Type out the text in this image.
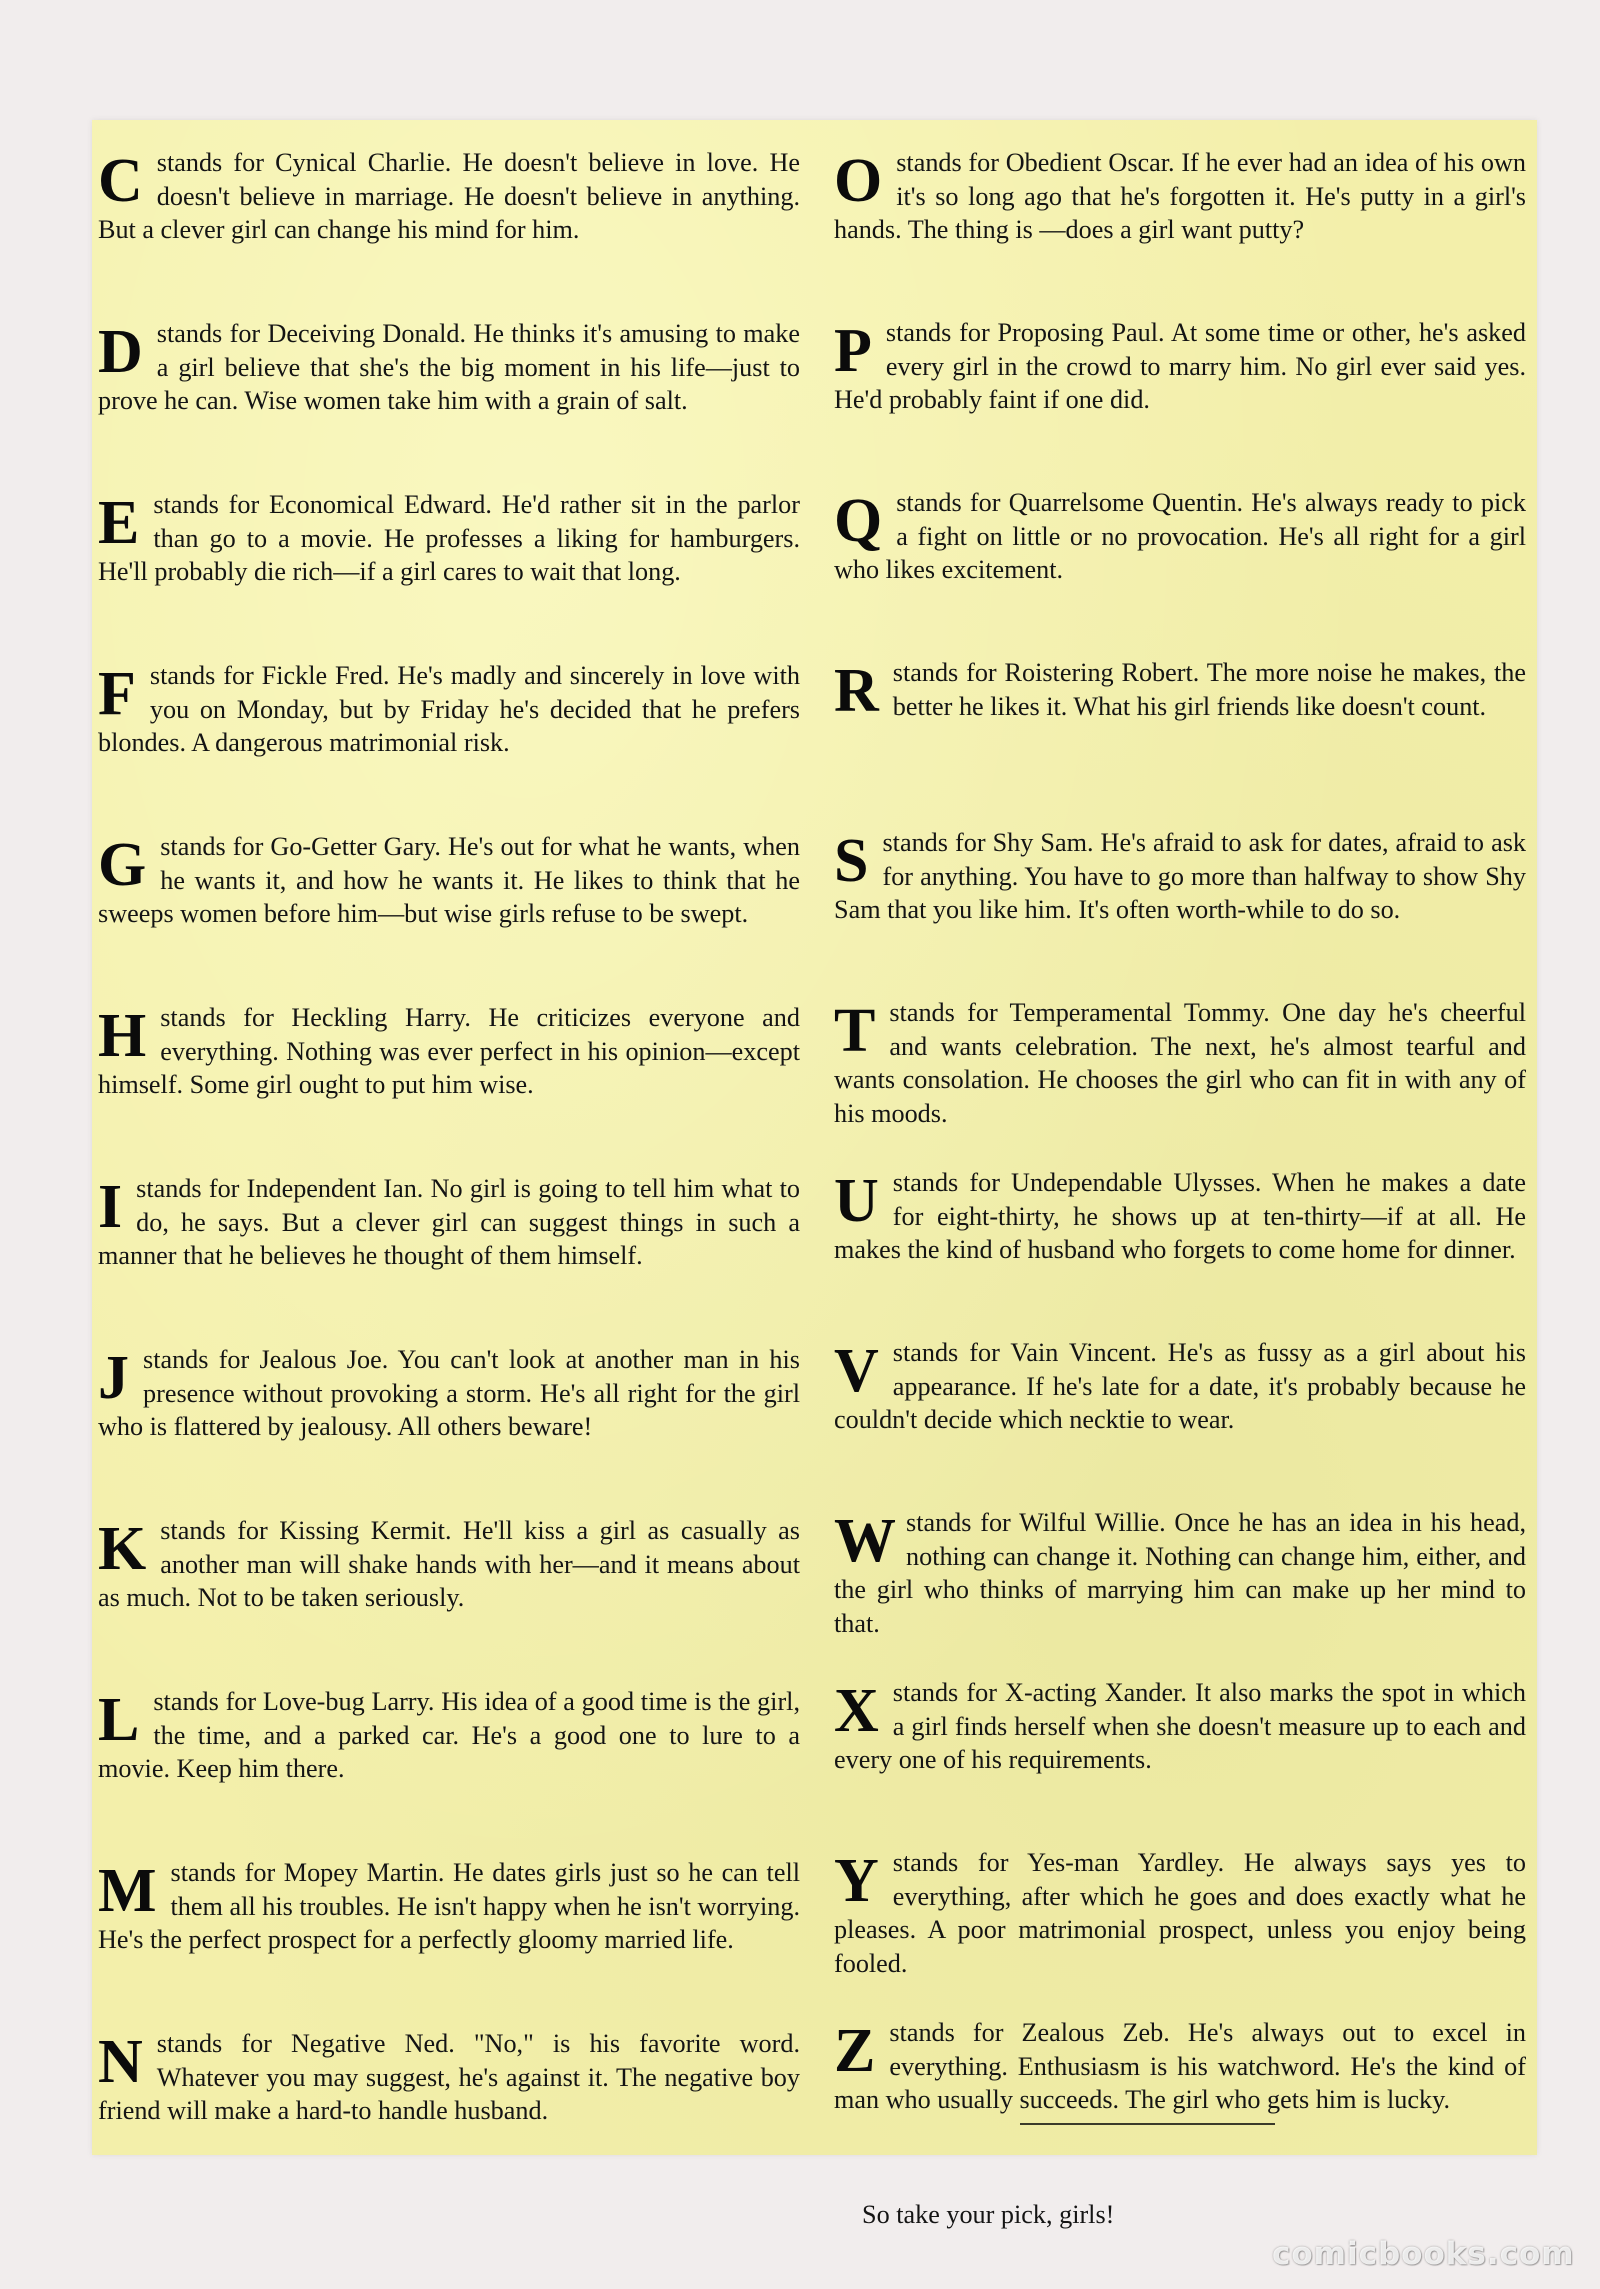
Cstands for Cynical Charlie. He doesn't believe in love. He doesn't believe in marriage. He doesn't believe in anything. But a clever girl can change his mind for him.
Dstands for Deceiving Donald. He thinks it's amusing to make a girl believe that she's the big moment in his life—just to prove he can. Wise women take him with a grain of salt.
Estands for Economical Edward. He'd rather sit in the parlor than go to a movie. He professes a liking for hamburgers. He'll probably die rich—if a girl cares to wait that long.
Fstands for Fickle Fred. He's madly and sincerely in love with you on Monday, but by Friday he's decided that he prefers blondes. A dangerous matrimonial risk.
Gstands for Go-Getter Gary. He's out for what he wants, when he wants it, and how he wants it. He likes to think that he sweeps women before him—but wise girls refuse to be swept.
Hstands for Heckling Harry. He criticizes everyone and everything. Nothing was ever perfect in his opinion—except himself. Some girl ought to put him wise.
Istands for Independent Ian. No girl is going to tell him what to do, he says. But a clever girl can suggest things in such a manner that he believes he thought of them himself.
Jstands for Jealous Joe. You can't look at another man in his presence without provoking a storm. He's all right for the girl who is flattered by jealousy. All others beware!
Kstands for Kissing Kermit. He'll kiss a girl as casually as another man will shake hands with her—and it means about as much. Not to be taken seriously.
Lstands for Love-bug Larry. His idea of a good time is the girl, the time, and a parked car. He's a good one to lure to a movie. Keep him there.
Mstands for Mopey Martin. He dates girls just so he can tell them all his troubles. He isn't happy when he isn't worrying. He's the perfect prospect for a perfectly gloomy married life.
Nstands for Negative Ned. "No," is his favorite word. Whatever you may suggest, he's against it. The negative boy friend will make a hard-to handle husband.
Ostands for Obedient Oscar. If he ever had an idea of his own it's so long ago that he's forgotten it. He's putty in a girl's hands. The thing is —does a girl want putty?
Pstands for Proposing Paul. At some time or other, he's asked every girl in the crowd to marry him. No girl ever said yes. He'd probably faint if one did.
Qstands for Quarrelsome Quentin. He's always ready to pick a fight on little or no provocation. He's all right for a girl who likes excitement.
Rstands for Roistering Robert. The more noise he makes, the better he likes it. What his girl friends like doesn't count.
Sstands for Shy Sam. He's afraid to ask for dates, afraid to ask for anything. You have to go more than halfway to show Shy Sam that you like him. It's often worth-while to do so.
Tstands for Temperamental Tommy. One day he's cheerful and wants celebration. The next, he's almost tearful and wants consolation. He chooses the girl who can fit in with any of his moods.
Ustands for Undependable Ulysses. When he makes a date for eight-thirty, he shows up at ten-thirty—if at all. He makes the kind of husband who forgets to come home for dinner.
Vstands for Vain Vincent. He's as fussy as a girl about his appearance. If he's late for a date, it's probably because he couldn't decide which necktie to wear.
Wstands for Wilful Willie. Once he has an idea in his head, nothing can change it. Nothing can change him, either, and the girl who thinks of marrying him can make up her mind to that.
Xstands for X-acting Xander. It also marks the spot in which a girl finds herself when she doesn't measure up to each and every one of his requirements.
Ystands for Yes-man Yardley. He always says yes to everything, after which he goes and does exactly what he pleases. A poor matrimonial prospect, unless you enjoy being fooled.
Zstands for Zealous Zeb. He's always out to excel in everything. Enthusiasm is his watchword. He's the kind of man who usually succeeds. The girl who gets him is lucky.
So take your pick, girls!
comicbooks.com
